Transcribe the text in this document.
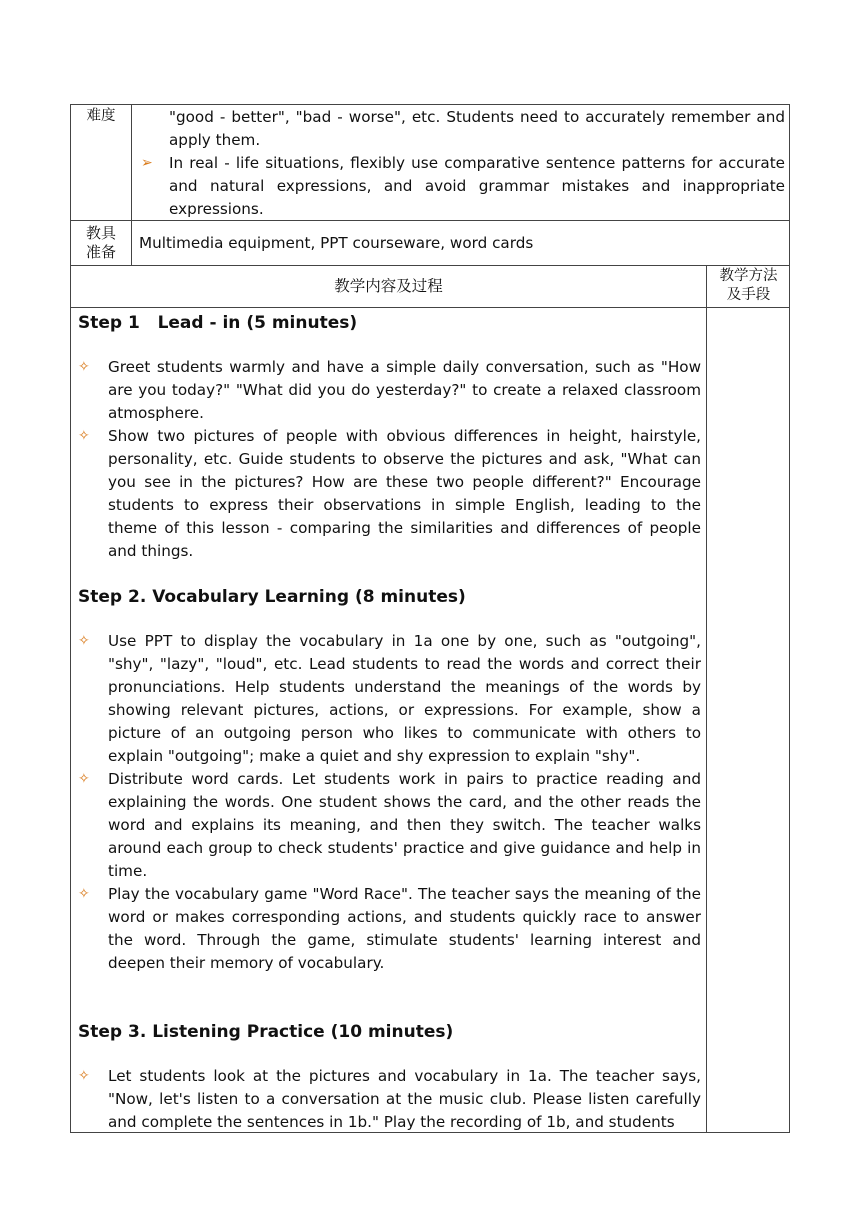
难度	"good - better", "bad - worse", etc. Students need to accurately remember and apply them.
➢ In real - life situations, flexibly use comparative sentence patterns for accurate and natural expressions, and avoid grammar mistakes and inappropriate expressions.
教具
准备	Multimedia equipment, PPT courseware, word cards
教学内容及过程
教学方法
及手段
Step 1   Lead - in (5 minutes)
✧ Greet students warmly and have a simple daily conversation, such as "How are you today?" "What did you do yesterday?" to create a relaxed classroom atmosphere.
✧ Show two pictures of people with obvious differences in height, hairstyle, personality, etc. Guide students to observe the pictures and ask, "What can you see in the pictures? How are these two people different?" Encourage students to express their observations in simple English, leading to the theme of this lesson - comparing the similarities and differences of people and things.
Step 2. Vocabulary Learning (8 minutes)
✧ Use PPT to display the vocabulary in 1a one by one, such as "outgoing", "shy", "lazy", "loud", etc. Lead students to read the words and correct their pronunciations. Help students understand the meanings of the words by showing relevant pictures, actions, or expressions. For example, show a picture of an outgoing person who likes to communicate with others to explain "outgoing"; make a quiet and shy expression to explain "shy".
✧ Distribute word cards. Let students work in pairs to practice reading and explaining the words. One student shows the card, and the other reads the word and explains its meaning, and then they switch. The teacher walks around each group to check students' practice and give guidance and help in time.
✧ Play the vocabulary game "Word Race". The teacher says the meaning of the word or makes corresponding actions, and students quickly race to answer the word. Through the game, stimulate students' learning interest and deepen their memory of vocabulary.
Step 3. Listening Practice (10 minutes)
✧ Let students look at the pictures and vocabulary in 1a. The teacher says, "Now, let's listen to a conversation at the music club. Please listen carefully and complete the sentences in 1b." Play the recording of 1b, and students
